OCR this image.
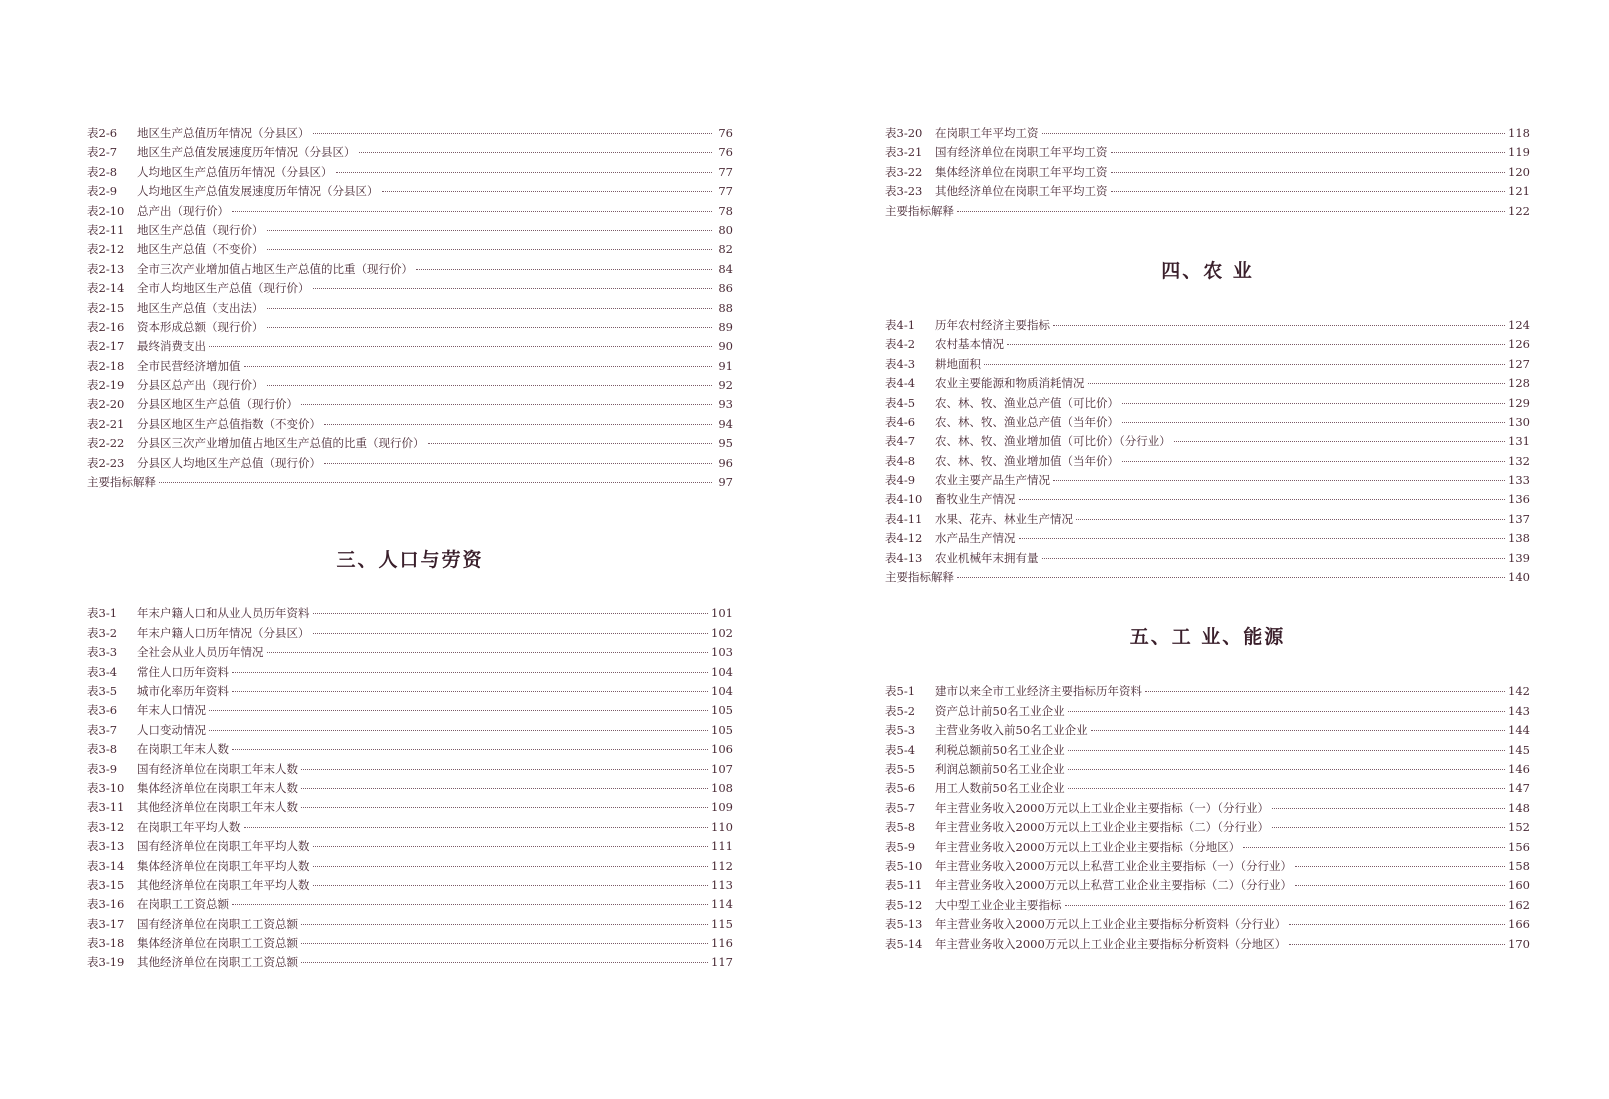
表2-6	地区生产总值历年情况（分县区）	76
表2-7	地区生产总值发展速度历年情况（分县区）	76
表2-8	人均地区生产总值历年情况（分县区）	77
表2-9	人均地区生产总值发展速度历年情况（分县区）	77
表2-10	总产出（现行价）	78
表2-11	地区生产总值（现行价）	80
表2-12	地区生产总值（不变价）	82
表2-13	全市三次产业增加值占地区生产总值的比重（现行价）	84
表2-14	全市人均地区生产总值（现行价）	86
表2-15	地区生产总值（支出法）	88
表2-16	资本形成总额（现行价）	89
表2-17	最终消费支出	90
表2-18	全市民营经济增加值	91
表2-19	分县区总产出（现行价）	92
表2-20	分县区地区生产总值（现行价）	93
表2-21	分县区地区生产总值指数（不变价）	94
表2-22	分县区三次产业增加值占地区生产总值的比重（现行价）	95
表2-23	分县区人均地区生产总值（现行价）	96
主要指标解释	97
三、人口与劳资
表3-1	年末户籍人口和从业人员历年资料	101
表3-2	年末户籍人口历年情况（分县区）	102
表3-3	全社会从业人员历年情况	103
表3-4	常住人口历年资料	104
表3-5	城市化率历年资料	104
表3-6	年末人口情况	105
表3-7	人口变动情况	105
表3-8	在岗职工年末人数	106
表3-9	国有经济单位在岗职工年末人数	107
表3-10	集体经济单位在岗职工年末人数	108
表3-11	其他经济单位在岗职工年末人数	109
表3-12	在岗职工年平均人数	110
表3-13	国有经济单位在岗职工年平均人数	111
表3-14	集体经济单位在岗职工年平均人数	112
表3-15	其他经济单位在岗职工年平均人数	113
表3-16	在岗职工工资总额	114
表3-17	国有经济单位在岗职工工资总额	115
表3-18	集体经济单位在岗职工工资总额	116
表3-19	其他经济单位在岗职工工资总额	117
表3-20	在岗职工年平均工资	118
表3-21	国有经济单位在岗职工年平均工资	119
表3-22	集体经济单位在岗职工年平均工资	120
表3-23	其他经济单位在岗职工年平均工资	121
主要指标解释	122
四、农 业
表4-1	历年农村经济主要指标	124
表4-2	农村基本情况	126
表4-3	耕地面积	127
表4-4	农业主要能源和物质消耗情况	128
表4-5	农、林、牧、渔业总产值（可比价）	129
表4-6	农、林、牧、渔业总产值（当年价）	130
表4-7	农、林、牧、渔业增加值（可比价）（分行业）	131
表4-8	农、林、牧、渔业增加值（当年价）	132
表4-9	农业主要产品生产情况	133
表4-10	畜牧业生产情况	136
表4-11	水果、花卉、林业生产情况	137
表4-12	水产品生产情况	138
表4-13	农业机械年末拥有量	139
主要指标解释	140
五、工 业、能源
表5-1	建市以来全市工业经济主要指标历年资料	142
表5-2	资产总计前50名工业企业	143
表5-3	主营业务收入前50名工业企业	144
表5-4	利税总额前50名工业企业	145
表5-5	利润总额前50名工业企业	146
表5-6	用工人数前50名工业企业	147
表5-7	年主营业务收入2000万元以上工业企业主要指标（一）（分行业）	148
表5-8	年主营业务收入2000万元以上工业企业主要指标（二）（分行业）	152
表5-9	年主营业务收入2000万元以上工业企业主要指标（分地区）	156
表5-10	年主营业务收入2000万元以上私营工业企业主要指标（一）（分行业）	158
表5-11	年主营业务收入2000万元以上私营工业企业主要指标（二）（分行业）	160
表5-12	大中型工业企业主要指标	162
表5-13	年主营业务收入2000万元以上工业企业主要指标分析资料（分行业）	166
表5-14	年主营业务收入2000万元以上工业企业主要指标分析资料（分地区）	170
